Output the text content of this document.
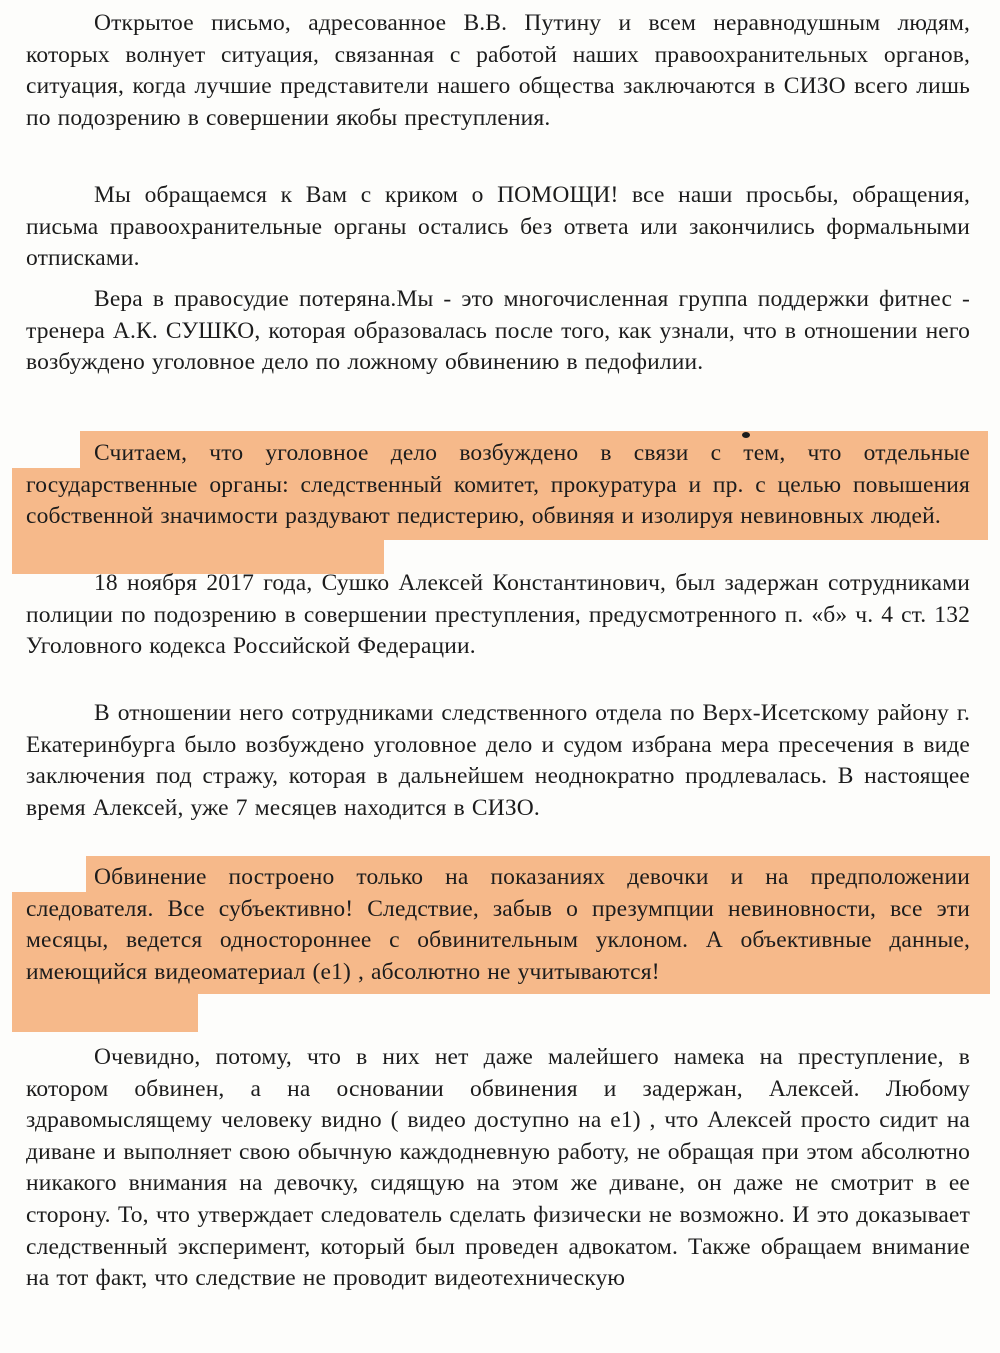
Открытое письмо, адресованное В.В. Путину и всем неравнодушным людям, которых волнует ситуация, связанная с работой наших правоохранительных органов, ситуация, когда лучшие представители нашего общества заключаются в СИЗО всего лишь по подозрению в совершении якобы преступления.

Мы обращаемся к Вам с криком о ПОМОЩИ! все наши просьбы, обращения, письма правоохранительные органы остались без ответа или закончились формальными отписками.

Вера в правосудие потеряна.Мы - это многочисленная группа поддержки фитнес - тренера А.К. СУШКО, которая образовалась после того, как узнали, что в отношении него возбуждено уголовное дело по ложному обвинению в педофилии.

Считаем, что уголовное дело возбуждено в связи с тем, что отдельные государственные органы: следственный комитет, прокуратура и пр. с целью повышения собственной значимости раздувают педистерию, обвиняя и изолируя невиновных людей.

18 ноября 2017 года, Сушко Алексей Константинович, был задержан сотрудниками полиции по подозрению в совершении преступления, предусмотренного п. «б» ч. 4 ст. 132 Уголовного кодекса Российской Федерации.

В отношении него сотрудниками следственного отдела по Верх-Исетскому району г. Екатеринбурга было возбуждено уголовное дело и судом избрана мера пресечения в виде заключения под стражу, которая в дальнейшем неоднократно продлевалась. В настоящее время Алексей, уже 7 месяцев находится в СИЗО.

Обвинение построено только на показаниях девочки и на предположении следователя. Все субъективно! Следствие, забыв о презумпции невиновности, все эти месяцы, ведется одностороннее с обвинительным уклоном. А объективные данные, имеющийся видеоматериал (е1) , абсолютно не учитываются!

Очевидно, потому, что в них нет даже малейшего намека на преступление, в котором обвинен, а на основании обвинения и задержан, Алексей. Любому здравомыслящему человеку видно ( видео доступно на е1) , что Алексей просто сидит на диване и выполняет свою обычную каждодневную работу, не обращая при этом абсолютно никакого внимания на девочку, сидящую на этом же диване, он даже не смотрит в ее сторону. То, что утверждает следователь сделать физически не возможно. И это доказывает следственный эксперимент, который был проведен адвокатом. Также обращаем внимание на тот факт, что следствие не проводит видеотехническую
